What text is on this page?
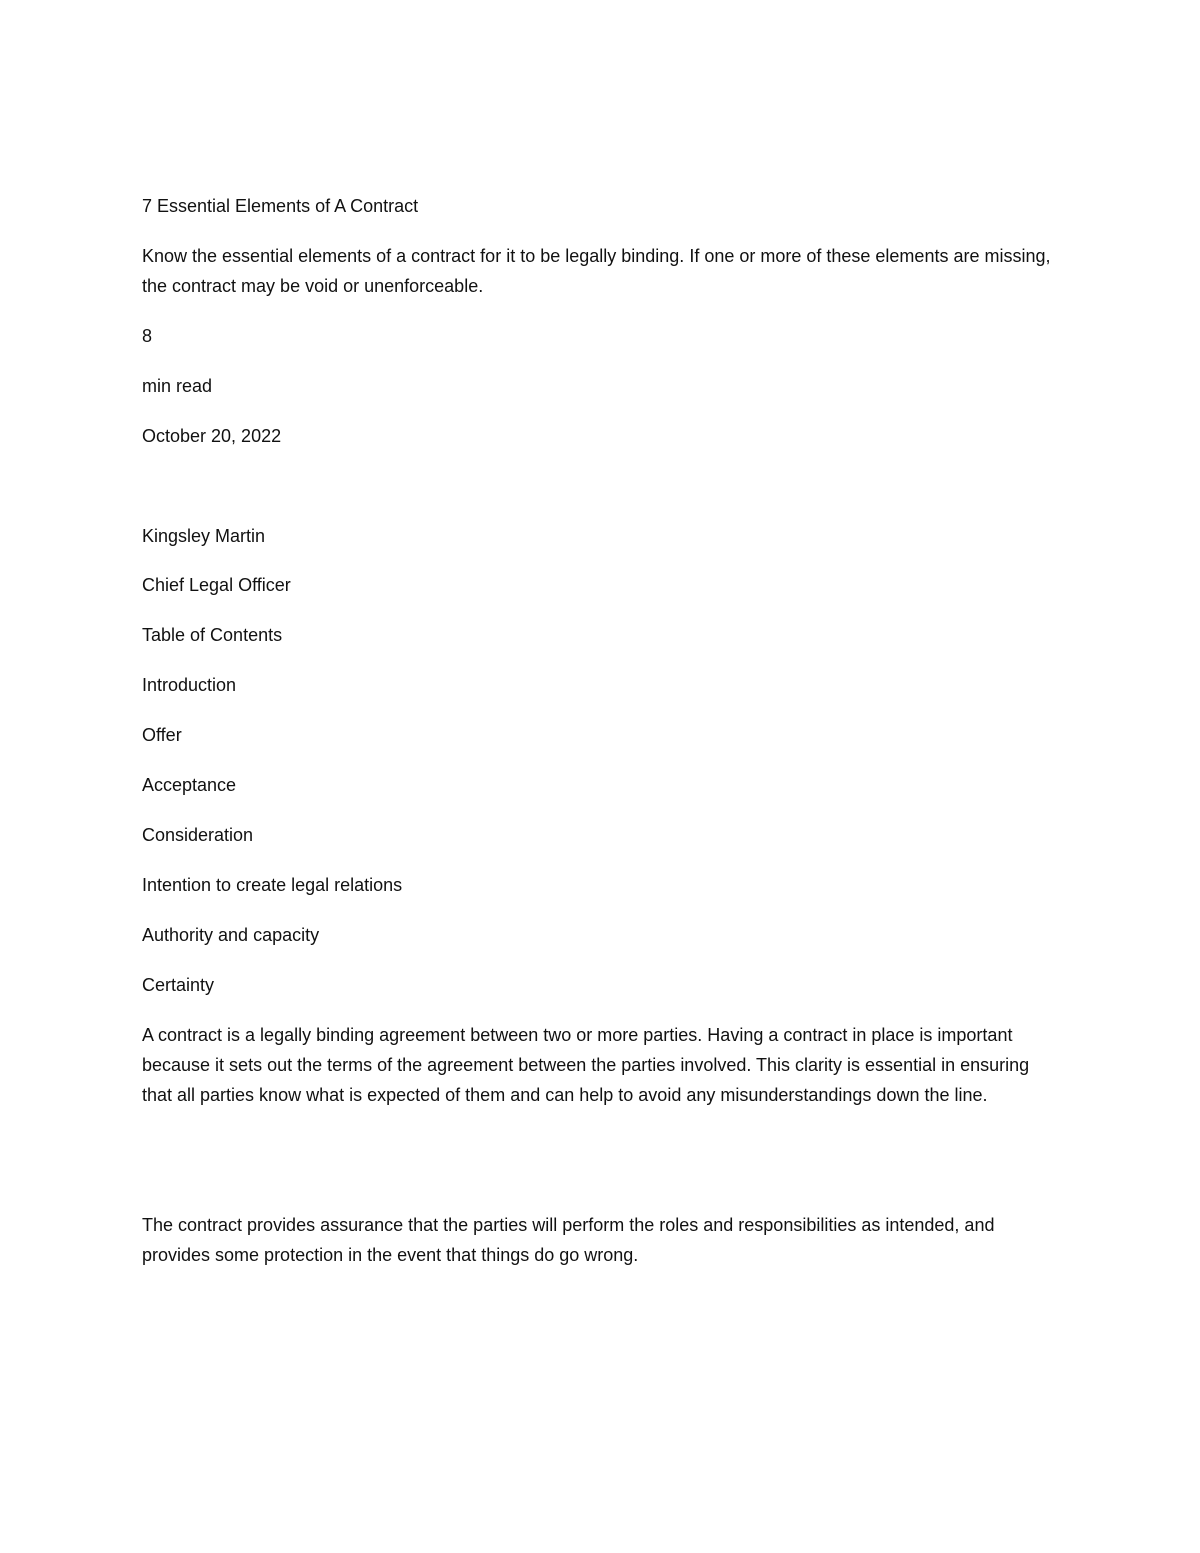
7 Essential Elements of A Contract
Know the essential elements of a contract for it to be legally binding. If one or more of these elements are missing, the contract may be void or unenforceable.
8
min read
October 20, 2022
Kingsley Martin
Chief Legal Officer
Table of Contents
Introduction
Offer
Acceptance
Consideration
Intention to create legal relations
Authority and capacity
Certainty
A contract is a legally binding agreement between two or more parties. Having a contract in place is important because it sets out the terms of the agreement between the parties involved. This clarity is essential in ensuring that all parties know what is expected of them and can help to avoid any misunderstandings down the line.
The contract provides assurance that the parties will perform the roles and responsibilities as intended, and provides some protection in the event that things do go wrong.
